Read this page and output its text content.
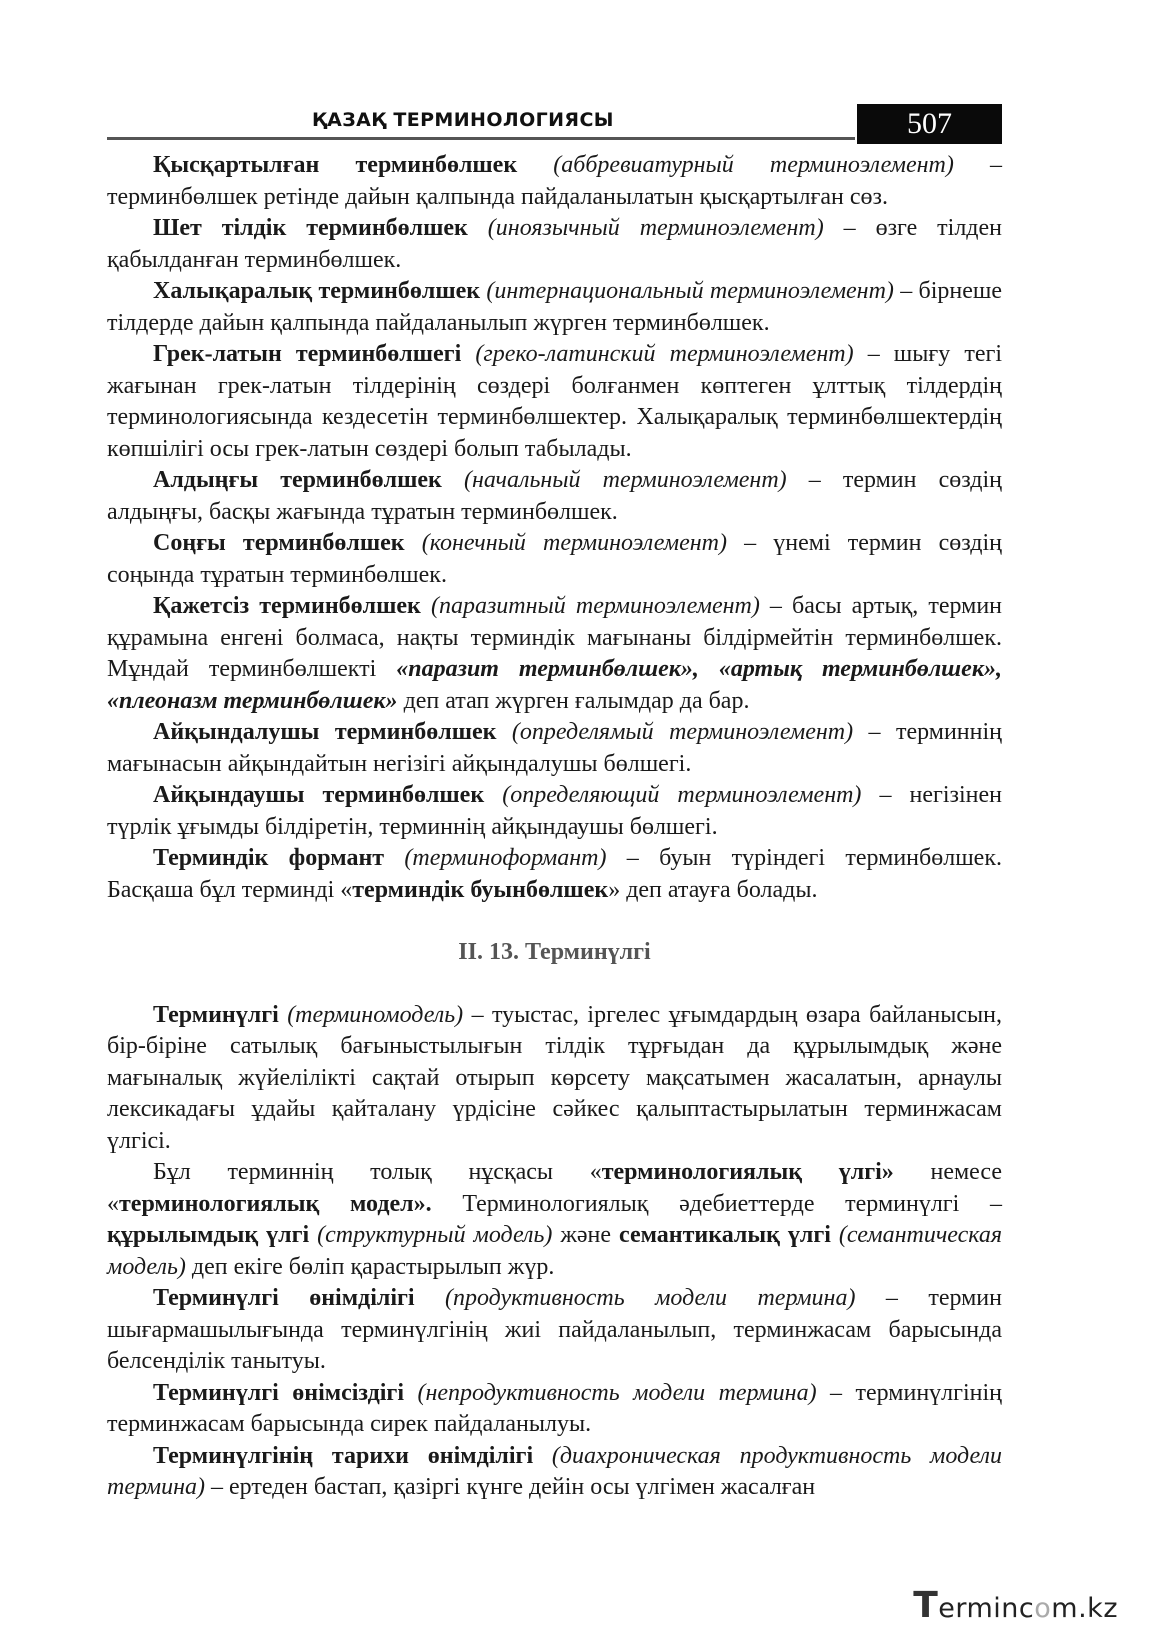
ҚАЗАҚ ТЕРМИНОЛОГИЯСЫ	507

Қысқартылған терминбөлшек (аббревиатурный терминоэлемент) – терминбөлшек ретінде дайын қалпында пайдаланылатын қысқартылған сөз.

Шет тілдік терминбөлшек (иноязычный терминоэлемент) – өзге тілден қабылданған терминбөлшек.

Халықаралық терминбөлшек (интернациональный терминоэлемент) – бірнеше тілдерде дайын қалпында пайдаланылып жүрген терминбөлшек.

Грек-латын терминбөлшегі (греко-латинский терминоэлемент) – шығу тегі жағынан грек-латын тілдерінің сөздері болғанмен көптеген ұлттық тілдердің терминологиясында кездесетін терминбөлшектер. Халықаралық терминбөлшектердің көпшілігі осы грек-латын сөздері болып табылады.

Алдыңғы терминбөлшек (начальный терминоэлемент) – термин сөздің алдыңғы, басқы жағында тұратын терминбөлшек.

Соңғы терминбөлшек (конечный терминоэлемент) – үнемі термин сөздің соңында тұратын терминбөлшек.

Қажетсіз терминбөлшек (паразитный терминоэлемент) – басы артық, термин құрамына енгені болмаса, нақты терминдік мағынаны білдірмейтін терминбөлшек. Мұндай терминбөлшекті «паразит терминбөлшек», «артық терминбөлшек», «плеоназм терминбөлшек» деп атап жүрген ғалымдар да бар.

Айқындалушы терминбөлшек (определямый терминоэлемент) – терминнің мағынасын айқындайтын негізігі айқындалушы бөлшегі.

Айқындаушы терминбөлшек (определяющий терминоэлемент) – негізінен түрлік ұғымды білдіретін, терминнің айқындаушы бөлшегі.

Терминдік формант (терминоформант) – буын түріндегі терминбөлшек. Басқаша бұл терминді «терминдік буынбөлшек» деп атауға болады.

II. 13. Терминүлгі

Терминүлгі (терминомодель) – туыстас, іргелес ұғымдардың өзара байланысын, бір-біріне сатылық бағыныстылығын тілдік тұрғыдан да құрылымдық және мағыналық жүйелілікті сақтай отырып көрсету мақсатымен жасалатын, арнаулы лексикадағы ұдайы қайталану үрдісіне сәйкес қалыптастырылатын терминжасам үлгісі.

Бұл терминнің толық нұсқасы «терминологиялық үлгі» немесе «терминологиялық модел». Терминологиялық әдебиеттерде терминүлгі – құрылымдық үлгі (структурный модель) және семантикалық үлгі (семантическая модель) деп екіге бөліп қарастырылып жүр.

Терминүлгі өнімділігі (продуктивность модели термина) – термин шығармашылығында терминүлгінің жиі пайдаланылып, терминжасам барысында белсенділік танытуы.

Терминүлгі өнімсіздігі (непродуктивность модели термина) – терминүлгінің терминжасам барысында сирек пайдаланылуы.

Терминүлгінің тарихи өнімділігі (диахроническая продуктивность модели термина) – ертеден бастап, қазіргі күнге дейін осы үлгімен жасалған

Termincom.kz
